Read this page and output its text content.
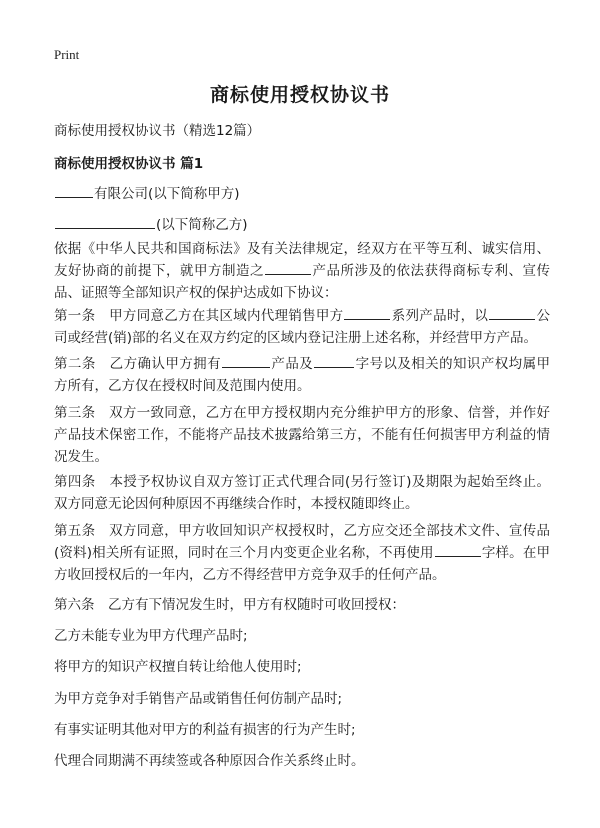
Print
商标使用授权协议书
商标使用授权协议书（精选12篇）
商标使用授权协议书 篇1
有限公司(以下简称甲方)
(以下简称乙方)
依据《中华人民共和国商标法》及有关法律规定，经双方在平等互利、诚实信用、友好协商的前提下，就甲方制造之	产品所涉及的依法获得商标专利、宣传品、证照等全部知识产权的保护达成如下协议：
第一条　甲方同意乙方在其区域内代理销售甲方	系列产品时，以	公司或经营(销)部的名义在双方约定的区域内登记注册上述名称，并经营甲方产品。
第二条　乙方确认甲方拥有	产品及	字号以及相关的知识产权均属甲方所有，乙方仅在授权时间及范围内使用。
第三条　双方一致同意，乙方在甲方授权期内充分维护甲方的形象、信誉，并作好产品技术保密工作，不能将产品技术披露给第三方，不能有任何损害甲方利益的情况发生。
第四条　本授予权协议自双方签订正式代理合同(另行签订)及期限为起始至终止。双方同意无论因何种原因不再继续合作时，本授权随即终止。
第五条　双方同意，甲方收回知识产权授权时，乙方应交还全部技术文件、宣传品(资料)相关所有证照，同时在三个月内变更企业名称，不再使用	字样。在甲方收回授权后的一年内，乙方不得经营甲方竞争双手的任何产品。
第六条　乙方有下情况发生时，甲方有权随时可收回授权：
乙方未能专业为甲方代理产品时;
将甲方的知识产权擅自转让给他人使用时;
为甲方竞争对手销售产品或销售任何仿制产品时;
有事实证明其他对甲方的利益有损害的行为产生时;
代理合同期满不再续签或各种原因合作关系终止时。
